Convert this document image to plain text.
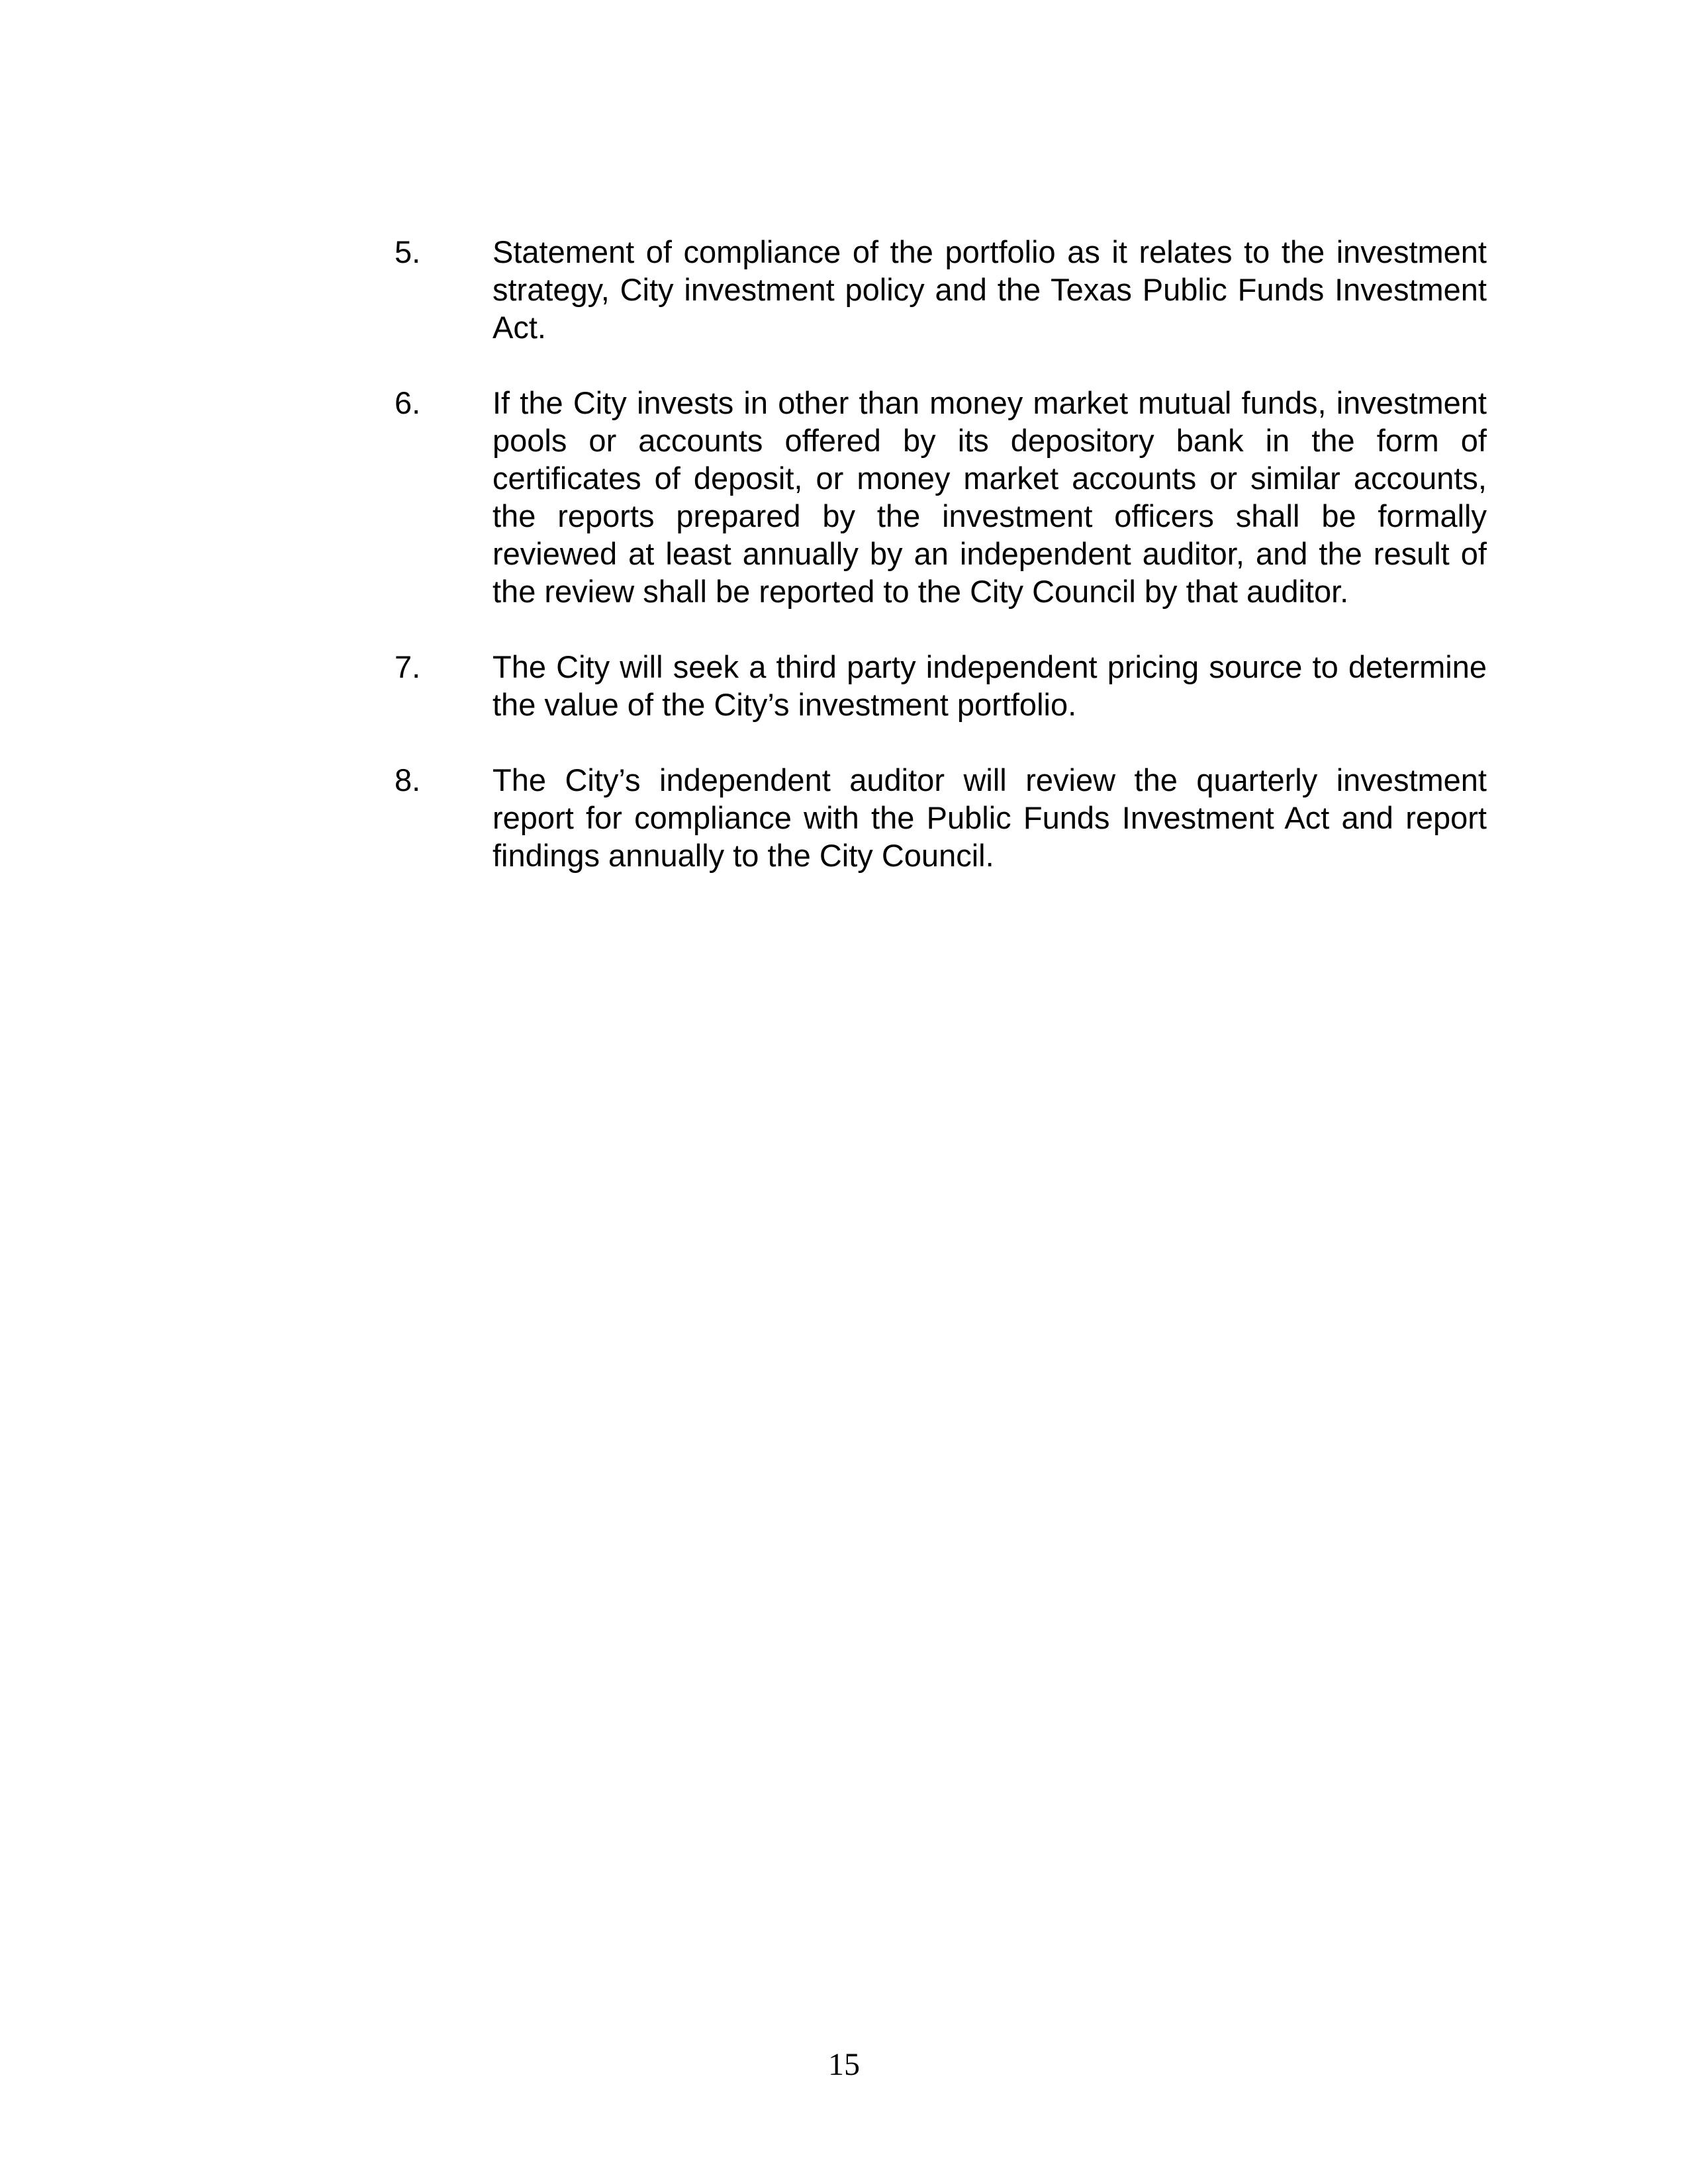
5. Statement of compliance of the portfolio as it relates to the investment strategy, City investment policy and the Texas Public Funds Investment Act.
6. If the City invests in other than money market mutual funds, investment pools or accounts offered by its depository bank in the form of certificates of deposit, or money market accounts or similar accounts, the reports prepared by the investment officers shall be formally reviewed at least annually by an independent auditor, and the result of the review shall be reported to the City Council by that auditor.
7. The City will seek a third party independent pricing source to determine the value of the City’s investment portfolio.
8. The City’s independent auditor will review the quarterly investment report for compliance with the Public Funds Investment Act and report findings annually to the City Council.
15
